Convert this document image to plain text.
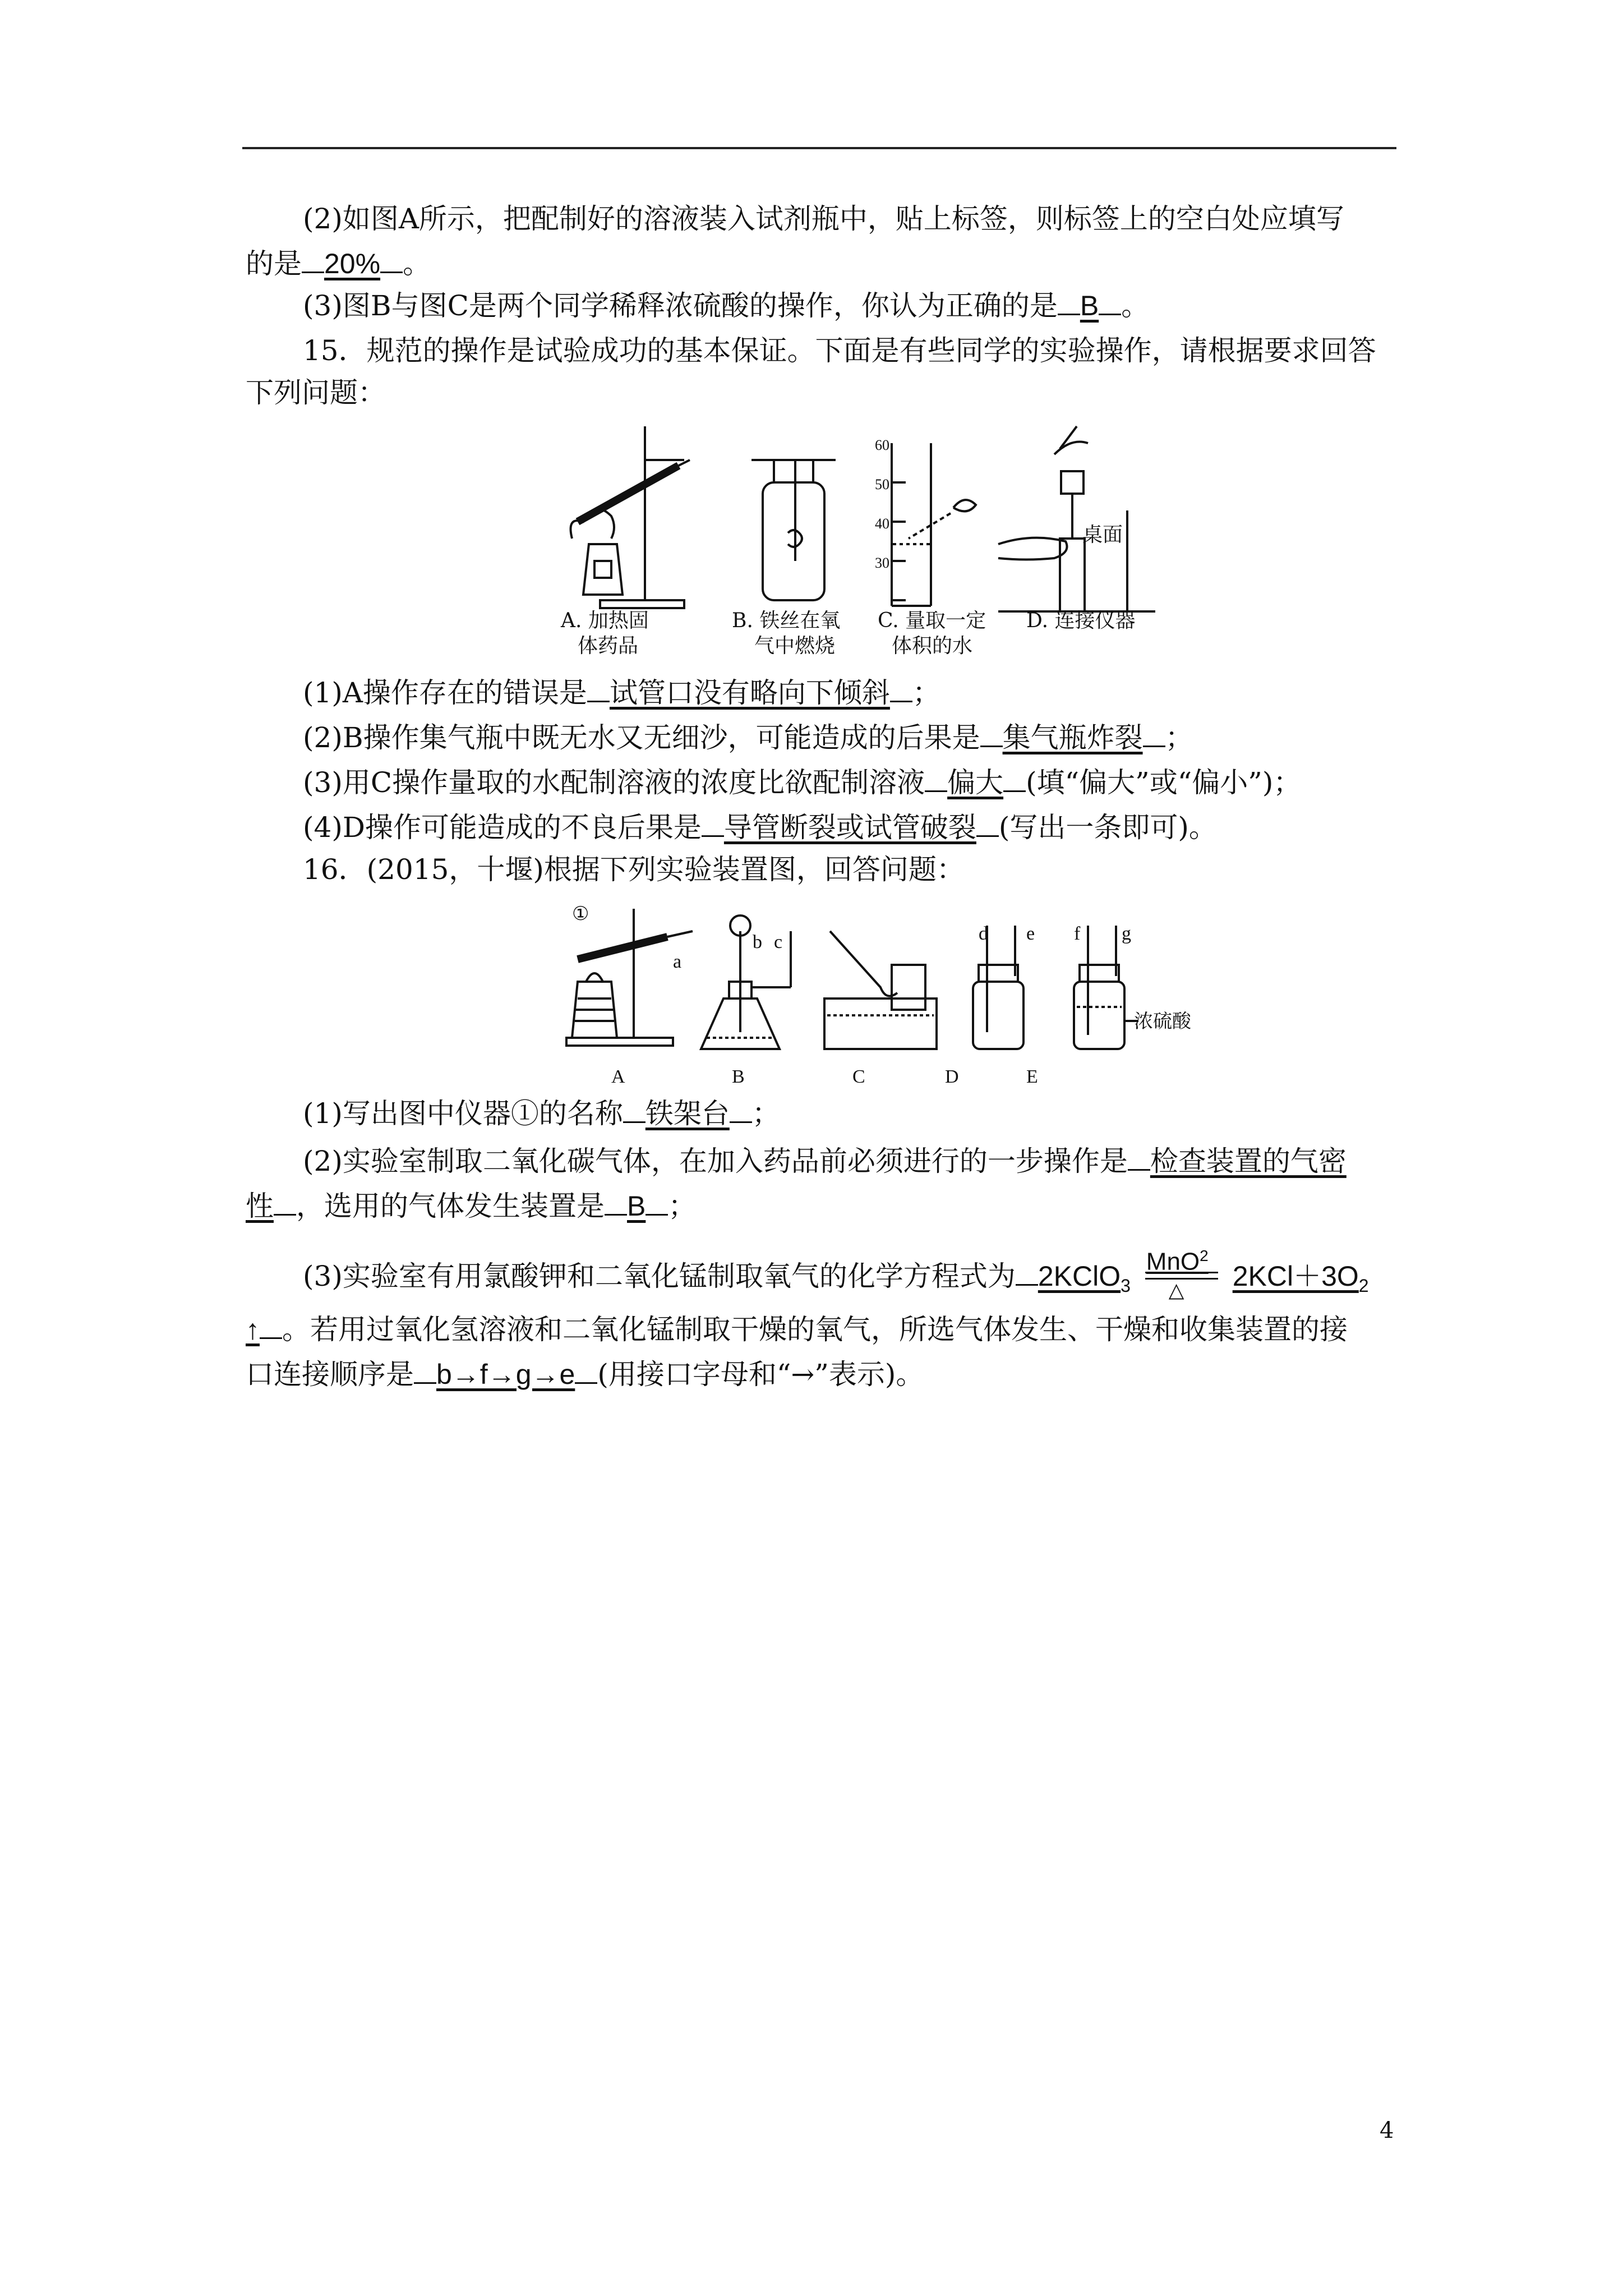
(2)如图A所示，把配制好的溶液装入试剂瓶中，贴上标签，则标签上的空白处应填写
的是 20% 。
(3)图B与图C是两个同学稀释浓硫酸的操作，你认为正确的是 B 。
15．规范的操作是试验成功的基本保证。下面是有些同学的实验操作，请根据要求回答
下列问题：
60
50
40
30
桌面
A. 加热固
体药品
B. 铁丝在氧
气中燃烧
C. 量取一定
体积的水
D. 连接仪器
(1)A操作存在的错误是 试管口没有略向下倾斜 ；
(2)B操作集气瓶中既无水又无细沙，可能造成的后果是 集气瓶炸裂 ；
(3)用C操作量取的水配制溶液的浓度比欲配制溶液 偏大 (填“偏大”或“偏小”)；
(4)D操作可能造成的不良后果是 导管断裂或试管破裂 (写出一条即可)。
16．(2015，十堰)根据下列实验装置图，回答问题：
①
a
b c	d e f g
A	B	C	D	E
浓硫酸
(1)写出图中仪器①的名称 铁架台 ；
(2)实验室制取二氧化碳气体，在加入药品前必须进行的一步操作是 检查装置的气密
性 ，选用的气体发生装置是 B ；
(3)实验室有用氯酸钾和二氧化锰制取氧气的化学方程式为 2KClO$_3$ $\frac{MnO^2}{\triangle} 2KCl+3O_2$
↑ 。若用过氧化氢溶液和二氧化锰制取干燥的氧气，所选气体发生、干燥和收集装置的接
口连接顺序是 b→f→g→e (用接口字母和“→”表示)。
4
